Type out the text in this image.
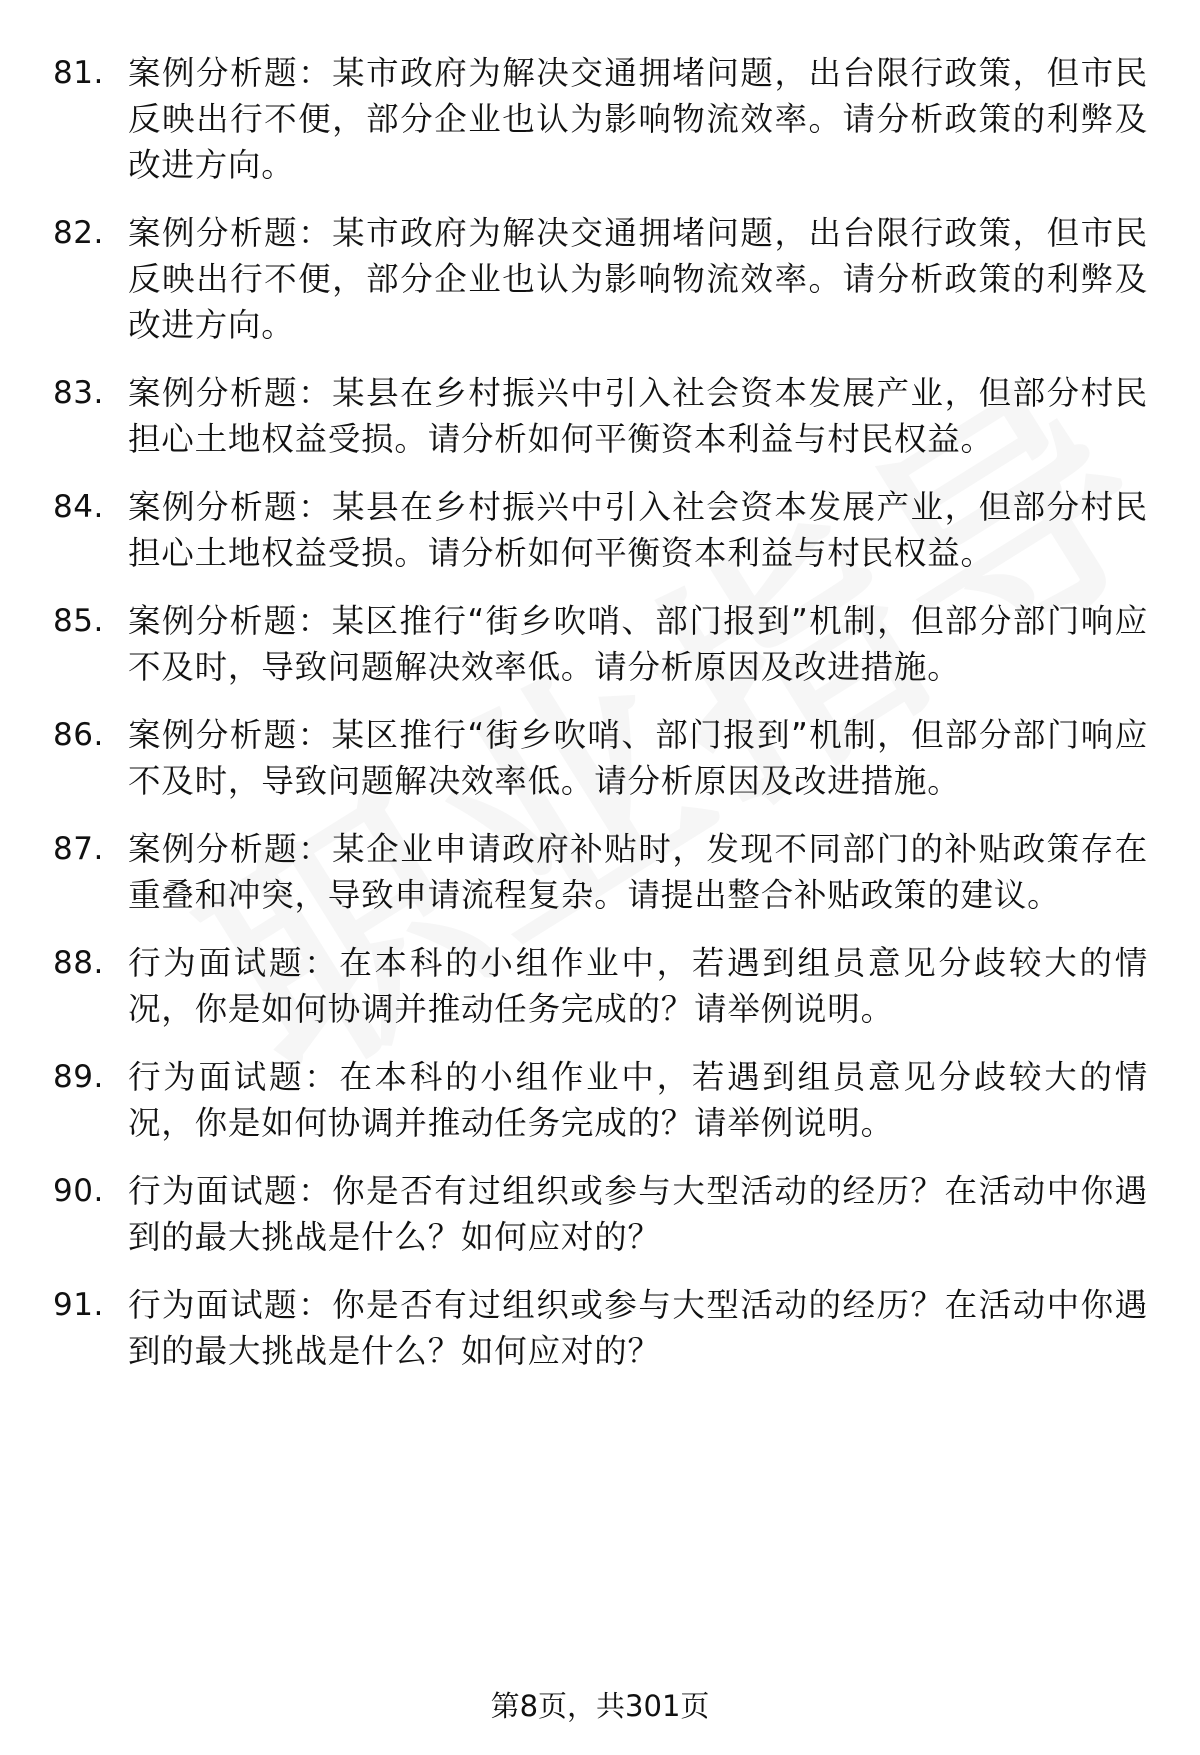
81. 案例分析题：某市政府为解决交通拥堵问题，出台限行政策，但市民反映出行不便，部分企业也认为影响物流效率。请分析政策的利弊及改进方向。
82. 案例分析题：某市政府为解决交通拥堵问题，出台限行政策，但市民反映出行不便，部分企业也认为影响物流效率。请分析政策的利弊及改进方向。
83. 案例分析题：某县在乡村振兴中引入社会资本发展产业，但部分村民担心土地权益受损。请分析如何平衡资本利益与村民权益。
84. 案例分析题：某县在乡村振兴中引入社会资本发展产业，但部分村民担心土地权益受损。请分析如何平衡资本利益与村民权益。
85. 案例分析题：某区推行“街乡吹哨、部门报到”机制，但部分部门响应不及时，导致问题解决效率低。请分析原因及改进措施。
86. 案例分析题：某区推行“街乡吹哨、部门报到”机制，但部分部门响应不及时，导致问题解决效率低。请分析原因及改进措施。
87. 案例分析题：某企业申请政府补贴时，发现不同部门的补贴政策存在重叠和冲突，导致申请流程复杂。请提出整合补贴政策的建议。
88. 行为面试题：在本科的小组作业中，若遇到组员意见分歧较大的情况，你是如何协调并推动任务完成的？请举例说明。
89. 行为面试题：在本科的小组作业中，若遇到组员意见分歧较大的情况，你是如何协调并推动任务完成的？请举例说明。
90. 行为面试题：你是否有过组织或参与大型活动的经历？在活动中你遇到的最大挑战是什么？如何应对的？
91. 行为面试题：你是否有过组织或参与大型活动的经历？在活动中你遇到的最大挑战是什么？如何应对的？
第8页，共301页
